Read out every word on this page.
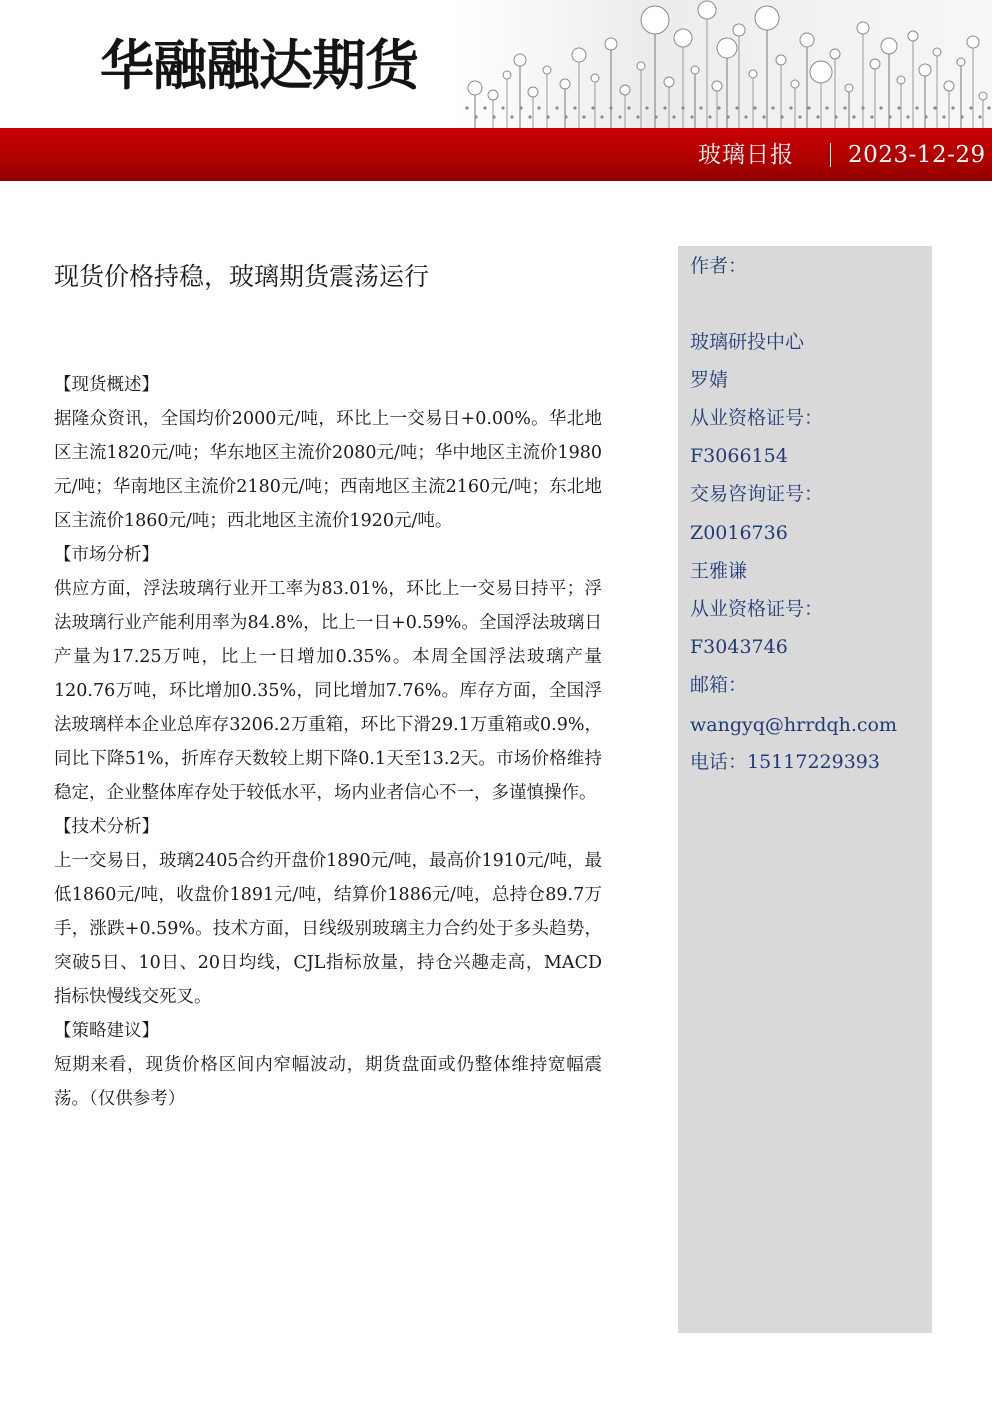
华融融达期货
玻璃日报 2023-12-29
现货价格持稳，玻璃期货震荡运行

【现货概述】

据隆众资讯，全国均价2000元/吨，环比上一交易日+0.00%。华北地区主流1820元/吨；华东地区主流价2080元/吨；华中地区主流价1980元/吨；华南地区主流价2180元/吨；西南地区主流2160元/吨；东北地区主流价1860元/吨；西北地区主流价1920元/吨。

【市场分析】

供应方面，浮法玻璃行业开工率为83.01%，环比上一交易日持平；浮法玻璃行业产能利用率为84.8%，比上一日+0.59%。全国浮法玻璃日产量为17.25万吨，比上一日增加0.35%。本周全国浮法玻璃产量120.76万吨，环比增加0.35%，同比增加7.76%。库存方面，全国浮法玻璃样本企业总库存3206.2万重箱，环比下滑29.1万重箱或0.9%，同比下降51%，折库存天数较上期下降0.1天至13.2天。市场价格维持稳定，企业整体库存处于较低水平，场内业者信心不一，多谨慎操作。

【技术分析】

上一交易日，玻璃2405合约开盘价1890元/吨，最高价1910元/吨，最低1860元/吨，收盘价1891元/吨，结算价1886元/吨，总持仓89.7万手，涨跌+0.59%。技术方面，日线级别玻璃主力合约处于多头趋势，突破5日、10日、20日均线，CJL指标放量，持仓兴趣走高，MACD指标快慢线交死叉。

【策略建议】

短期来看，现货价格区间内窄幅波动，期货盘面或仍整体维持宽幅震荡。（仅供参考）

作者：
玻璃研投中心
罗婧
从业资格证号：
F3066154
交易咨询证号：
Z0016736
王雅谦
从业资格证号：
F3043746
邮箱：
wangyq@hrrdqh.com
电话：15117229393
